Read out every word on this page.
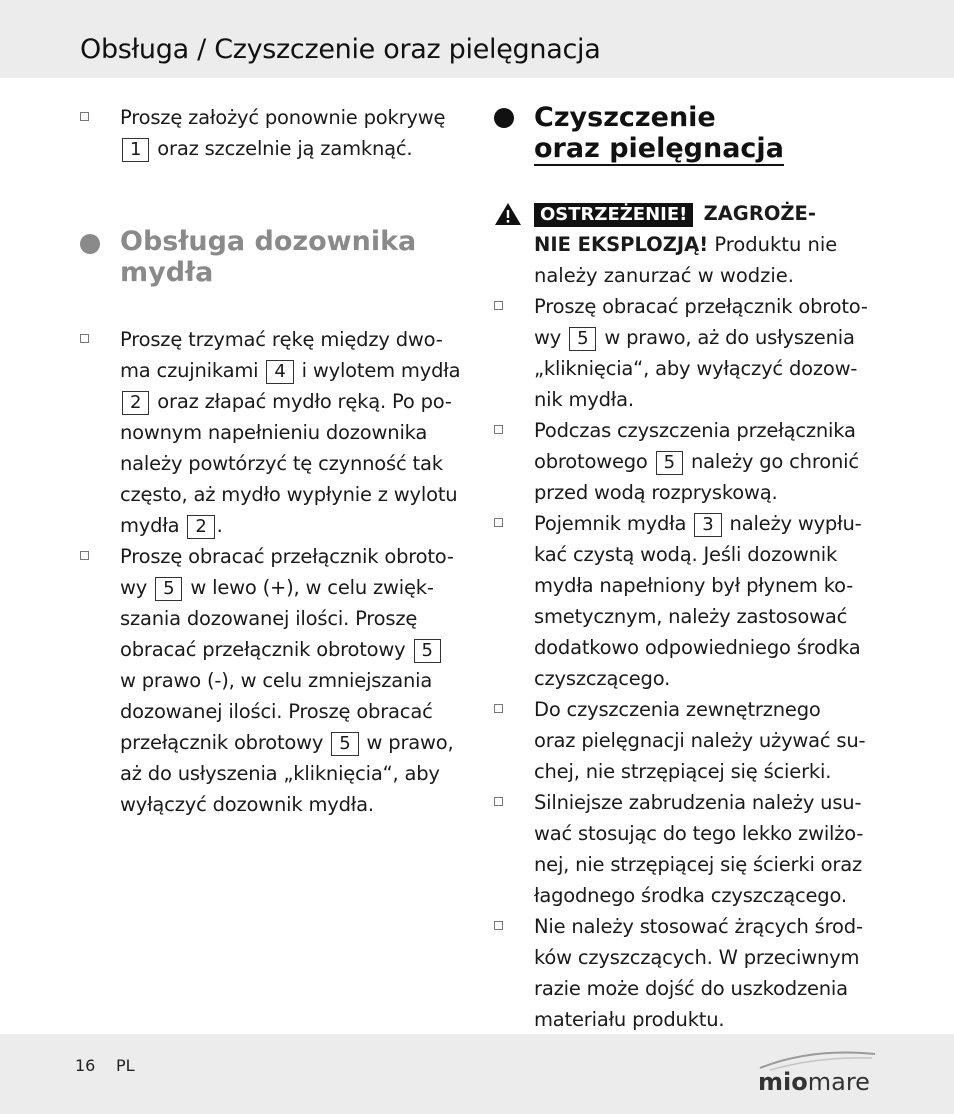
Obsługa / Czyszczenie oraz pielęgnacja
Proszę założyć ponownie pokrywę
1 oraz szczelnie ją zamknąć.
Obsługa dozownika
mydła
Proszę trzymać rękę między dwo-
ma czujnikami 4 i wylotem mydła
2 oraz złapać mydło ręką. Po po-
nownym napełnieniu dozownika
należy powtórzyć tę czynność tak
często, aż mydło wypłynie z wylotu
mydła 2 .
Proszę obracać przełącznik obroto-
wy 5 w lewo (+), w celu zwięk-
szania dozowanej ilości. Proszę
obracać przełącznik obrotowy 5
w prawo (-), w celu zmniejszania
dozowanej ilości. Proszę obracać
przełącznik obrotowy 5 w prawo,
aż do usłyszenia „kliknięcia“, aby
wyłączyć dozownik mydła.
Czyszczenie
oraz pielęgnacja
OSTRZEŻENIE! ZAGROŻE-
NIE EKSPLOZJĄ! Produktu nie
należy zanurzać w wodzie.
Proszę obracać przełącznik obroto-
wy 5 w prawo, aż do usłyszenia
„kliknięcia“, aby wyłączyć dozow-
nik mydła.
Podczas czyszczenia przełącznika
obrotowego 5 należy go chronić
przed wodą rozpryskową.
Pojemnik mydła 3 należy wypłu-
kać czystą wodą. Jeśli dozownik
mydła napełniony był płynem ko-
smetycznym, należy zastosować
dodatkowo odpowiedniego środka
czyszczącego.
Do czyszczenia zewnętrznego
oraz pielęgnacji należy używać su-
chej, nie strzępiącej się ścierki.
Silniejsze zabrudzenia należy usu-
wać stosując do tego lekko zwilżo-
nej, nie strzępiącej się ścierki oraz
łagodnego środka czyszczącego.
Nie należy stosować żrących środ-
ków czyszczących. W przeciwnym
razie może dojść do uszkodzenia
materiału produktu.
16 PL
miomare
